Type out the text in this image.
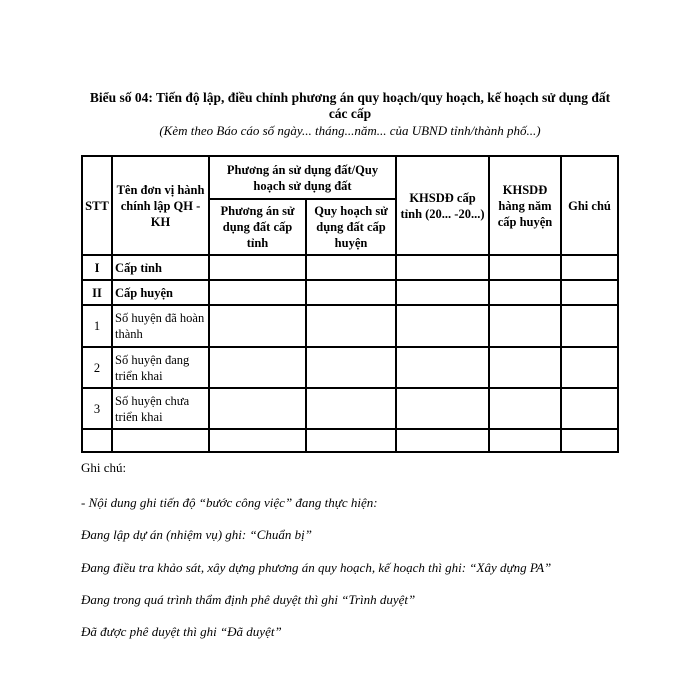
Biểu số 04: Tiến độ lập, điều chỉnh phương án quy hoạch/quy hoạch, kế hoạch sử dụng đất các cấp
(Kèm theo Báo cáo số ngày... tháng...năm... của UBND tỉnh/thành phố...)
STT	Tên đơn vị hành chính lập QH - KH	Phương án sử dụng đất/Quy hoạch sử dụng đất		KHSDĐ cấp tỉnh (20... -20...)	KHSDĐ hàng năm cấp huyện	Ghi chú
		Phương án sử dụng đất cấp tỉnh	Quy hoạch sử dụng đất cấp huyện			
I	Cấp tỉnh					
II	Cấp huyện					
1	Số huyện đã hoàn thành					
2	Số huyện đang triển khai					
3	Số huyện chưa triển khai					

Ghi chú:
- Nội dung ghi tiến độ “bước công việc” đang thực hiện:
Đang lập dự án (nhiệm vụ) ghi: “Chuẩn bị”
Đang điều tra khảo sát, xây dựng phương án quy hoạch, kế hoạch thì ghi: “Xây dựng PA”
Đang trong quá trình thẩm định phê duyệt thì ghi “Trình duyệt”
Đã được phê duyệt thì ghi “Đã duyệt”
